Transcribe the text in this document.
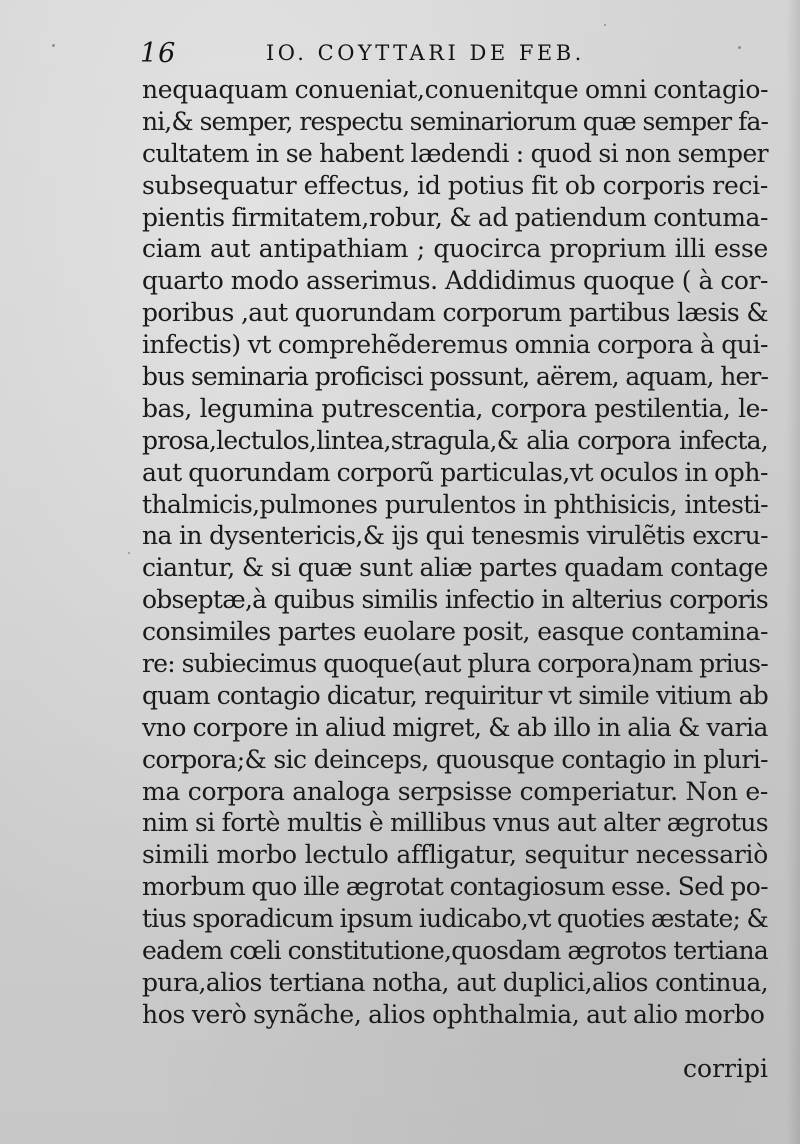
16	IO. COYTTARI DE FEB.
nequaquam conueniat,conuenitque omni contagio-
ni,& semper, respectu seminariorum quæ semper fa-
cultatem in se habent lædendi : quod si non semper
subsequatur effectus, id potius fit ob corporis reci-
pientis firmitatem,robur, & ad patiendum contuma-
ciam aut antipathiam ; quocirca proprium illi esse
quarto modo asserimus. Addidimus quoque ( à cor-
poribus ,aut quorundam corporum partibus læsis &
infectis) vt comprehẽderemus omnia corpora à qui-
bus seminaria proficisci possunt, aërem, aquam, her-
bas, legumina putrescentia, corpora pestilentia, le-
prosa,lectulos,lintea,stragula,& alia corpora infecta,
aut quorundam corporũ particulas,vt oculos in oph-
thalmicis,pulmones purulentos in phthisicis, intesti-
na in dysentericis,& ijs qui tenesmis virulẽtis excru-
ciantur, & si quæ sunt aliæ partes quadam contage
obseptæ,à quibus similis infectio in alterius corporis
consimiles partes euolare posit, easque contamina-
re: subiecimus quoque(aut plura corpora)nam prius-
quam contagio dicatur, requiritur vt simile vitium ab
vno corpore in aliud migret, & ab illo in alia & varia
corpora;& sic deinceps, quousque contagio in pluri-
ma corpora analoga serpsisse comperiatur. Non e-
nim si fortè multis è millibus vnus aut alter ægrotus
simili morbo lectulo affligatur, sequitur necessariò
morbum quo ille ægrotat contagiosum esse. Sed po-
tius sporadicum ipsum iudicabo,vt quoties æstate; &
eadem cœli constitutione,quosdam ægrotos tertiana
pura,alios tertiana notha, aut duplici,alios continua,
hos verò synãche, alios ophthalmia, aut alio morbo
corripi
